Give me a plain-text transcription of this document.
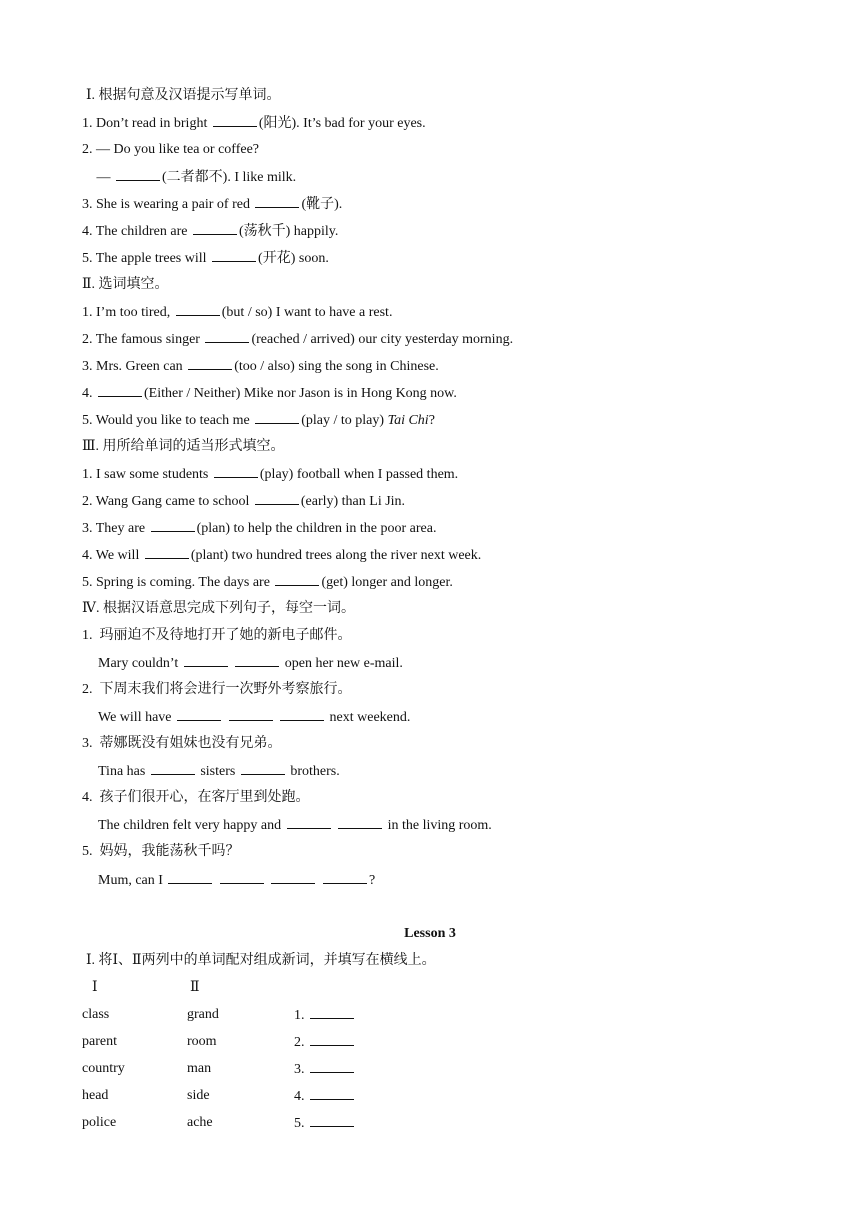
Ⅰ. 根据句意及汉语提示写单词。
1. Don’t read in bright	(阳光). It’s bad for your eyes.
2. — Do you like tea or coffee?
—	(二者都不). I like milk.
3. She is wearing a pair of red	(靴子).
4. The children are	(荡秋千) happily.
5. The apple trees will	(开花) soon.
Ⅱ. 选词填空。
1. I’m too tired,	(but / so) I want to have a rest.
2. The famous singer	(reached / arrived) our city yesterday morning.
3. Mrs. Green can	(too / also) sing the song in Chinese.
4.	(Either / Neither) Mike nor Jason is in Hong Kong now.
5. Would you like to teach me	(play / to play) Tai Chi?
Ⅲ. 用所给单词的适当形式填空。
1. I saw some students	(play) football when I passed them.
2. Wang Gang came to school	(early) than Li Jin.
3. They are	(plan) to help the children in the poor area.
4. We will	(plant) two hundred trees along the river next week.
5. Spring is coming. The days are	(get) longer and longer.
Ⅳ. 根据汉语意思完成下列句子，每空一词。
1.  玛丽迫不及待地打开了她的新电子邮件。
Mary couldn’t	open her new e-mail.
2.  下周末我们将会进行一次野外考察旅行。
We will have	next weekend.
3.  蒂娜既没有姐妹也没有兄弟。
Tina has	sisters	brothers.
4.  孩子们很开心，在客厅里到处跑。
The children felt very happy and	in the living room.
5.  妈妈，我能荡秋千吗？
Mum, can I	?
Lesson 3
Ⅰ. 将Ⅰ、Ⅱ两列中的单词配对组成新词，并填写在横线上。
Ⅰ	Ⅱ
class	grand	1.
parent	room	2.
country	man	3.
head	side	4.
police	ache	5.
